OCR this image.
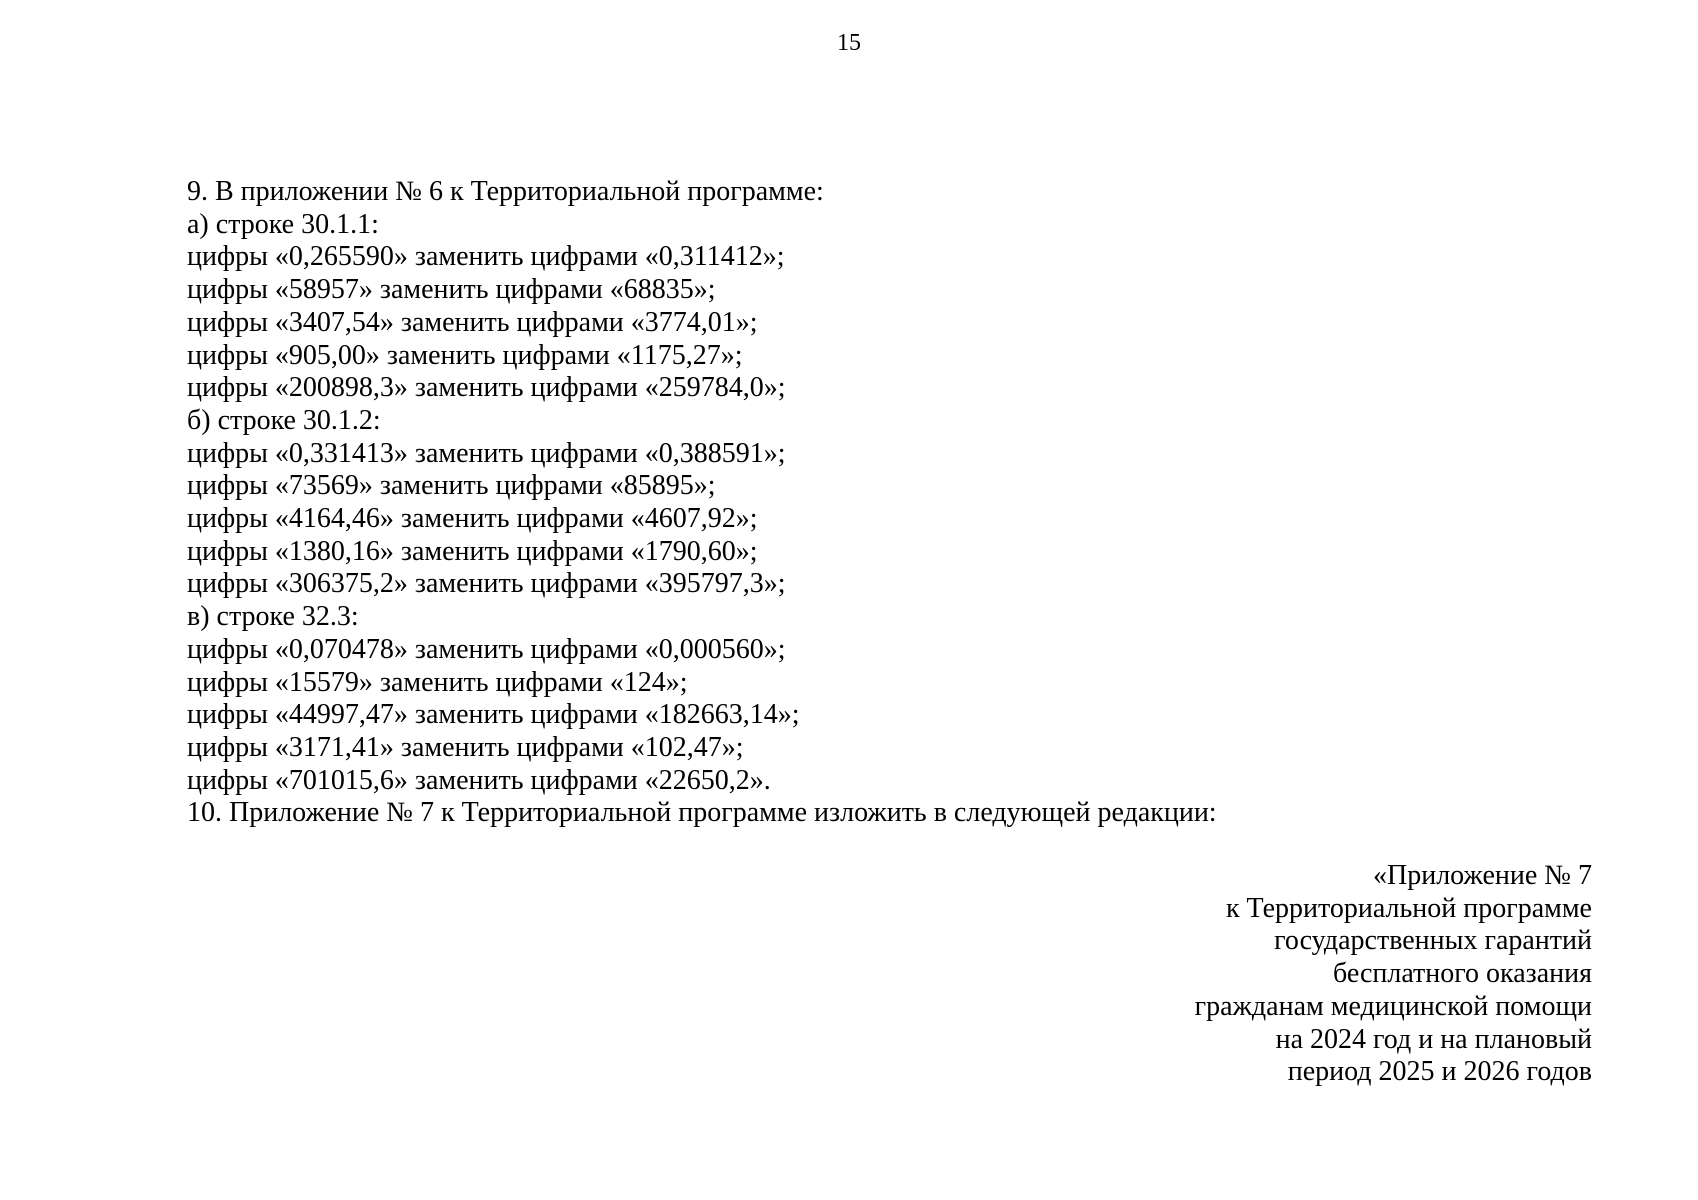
15
9. В приложении № 6 к Территориальной программе:
а) строке 30.1.1:
цифры «0,265590» заменить цифрами «0,311412»;
цифры «58957» заменить цифрами «68835»;
цифры «3407,54» заменить цифрами «3774,01»;
цифры «905,00» заменить цифрами «1175,27»;
цифры «200898,3» заменить цифрами «259784,0»;
б) строке 30.1.2:
цифры «0,331413» заменить цифрами «0,388591»;
цифры «73569» заменить цифрами «85895»;
цифры «4164,46» заменить цифрами «4607,92»;
цифры «1380,16» заменить цифрами «1790,60»;
цифры «306375,2» заменить цифрами «395797,3»;
в) строке 32.3:
цифры «0,070478» заменить цифрами «0,000560»;
цифры «15579» заменить цифрами «124»;
цифры «44997,47» заменить цифрами «182663,14»;
цифры «3171,41» заменить цифрами «102,47»;
цифры «701015,6» заменить цифрами «22650,2».
10. Приложение № 7 к Территориальной программе изложить в следующей редакции:
«Приложение № 7
к Территориальной программе
государственных гарантий
бесплатного оказания
гражданам медицинской помощи
на 2024 год и на плановый
период 2025 и 2026 годов
